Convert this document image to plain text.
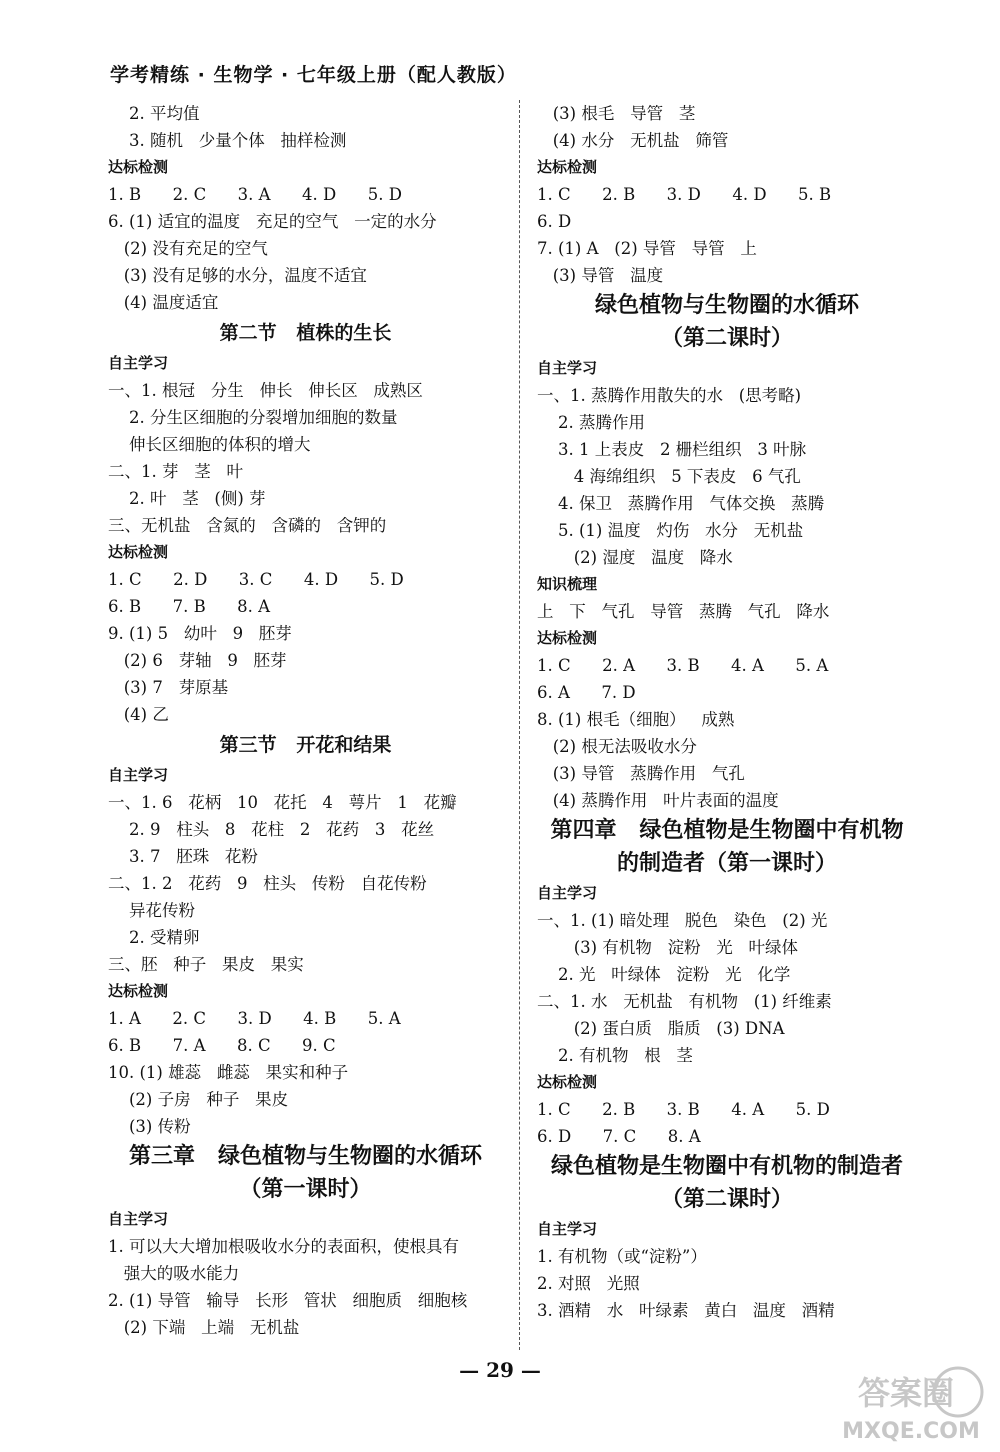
学考精练 · 生物学 · 七年级上册（配人教版）
2. 平均值
3. 随机   少量个体   抽样检测
达标检测
1. B      2. C      3. A      4. D      5. D
6. (1) 适宜的温度   充足的空气   一定的水分
(2) 没有充足的空气
(3) 没有足够的水分，温度不适宜
(4) 温度适宜
第二节   植株的生长
自主学习
一、1. 根冠   分生   伸长   伸长区   成熟区
2. 分生区细胞的分裂增加细胞的数量
伸长区细胞的体积的增大
二、1. 芽   茎   叶
2. 叶   茎   (侧) 芽
三、无机盐   含氮的   含磷的   含钾的
达标检测
1. C      2. D      3. C      4. D      5. D
6. B      7. B      8. A
9. (1) 5   幼叶   9   胚芽
(2) 6   芽轴   9   胚芽
(3) 7   芽原基
(4) 乙
第三节   开花和结果
自主学习
一、1. 6   花柄   10   花托   4   萼片   1   花瓣
2. 9   柱头   8   花柱   2   花药   3   花丝
3. 7   胚珠   花粉
二、1. 2   花药   9   柱头   传粉   自花传粉
异花传粉
2. 受精卵
三、胚   种子   果皮   果实
达标检测
1. A      2. C      3. D      4. B      5. A
6. B      7. A      8. C      9. C
10. (1) 雄蕊   雌蕊   果实和种子
(2) 子房   种子   果皮
(3) 传粉
第三章   绿色植物与生物圈的水循环
（第一课时）
自主学习
1. 可以大大增加根吸收水分的表面积，使根具有
强大的吸水能力
2. (1) 导管   输导   长形   管状   细胞质   细胞核
(2) 下端   上端   无机盐
(3) 根毛   导管   茎
(4) 水分   无机盐   筛管
达标检测
1. C      2. B      3. D      4. D      5. B
6. D
7. (1) A   (2) 导管   导管   上
(3) 导管   温度
绿色植物与生物圈的水循环
（第二课时）
自主学习
一、1. 蒸腾作用散失的水   (思考略)
2. 蒸腾作用
3. 1 上表皮   2 栅栏组织   3 叶脉
4 海绵组织   5 下表皮   6 气孔
4. 保卫   蒸腾作用   气体交换   蒸腾
5. (1) 温度   灼伤   水分   无机盐
(2) 湿度   温度   降水
知识梳理
上   下   气孔   导管   蒸腾   气孔   降水
达标检测
1. C      2. A      3. B      4. A      5. A
6. A      7. D
8. (1) 根毛（细胞）   成熟
(2) 根无法吸收水分
(3) 导管   蒸腾作用   气孔
(4) 蒸腾作用   叶片表面的温度
第四章   绿色植物是生物圈中有机物
的制造者（第一课时）
自主学习
一、1. (1) 暗处理   脱色   染色   (2) 光
(3) 有机物   淀粉   光   叶绿体
2. 光   叶绿体   淀粉   光   化学
二、1. 水   无机盐   有机物   (1) 纤维素
(2) 蛋白质   脂质   (3) DNA
2. 有机物   根   茎
达标检测
1. C      2. B      3. B      4. A      5. D
6. D      7. C      8. A
绿色植物是生物圈中有机物的制造者
（第二课时）
自主学习
1. 有机物（或“淀粉”）
2. 对照   光照
3. 酒精   水   叶绿素   黄白   温度   酒精
— 29 —
答案圈
MXQE.COM
